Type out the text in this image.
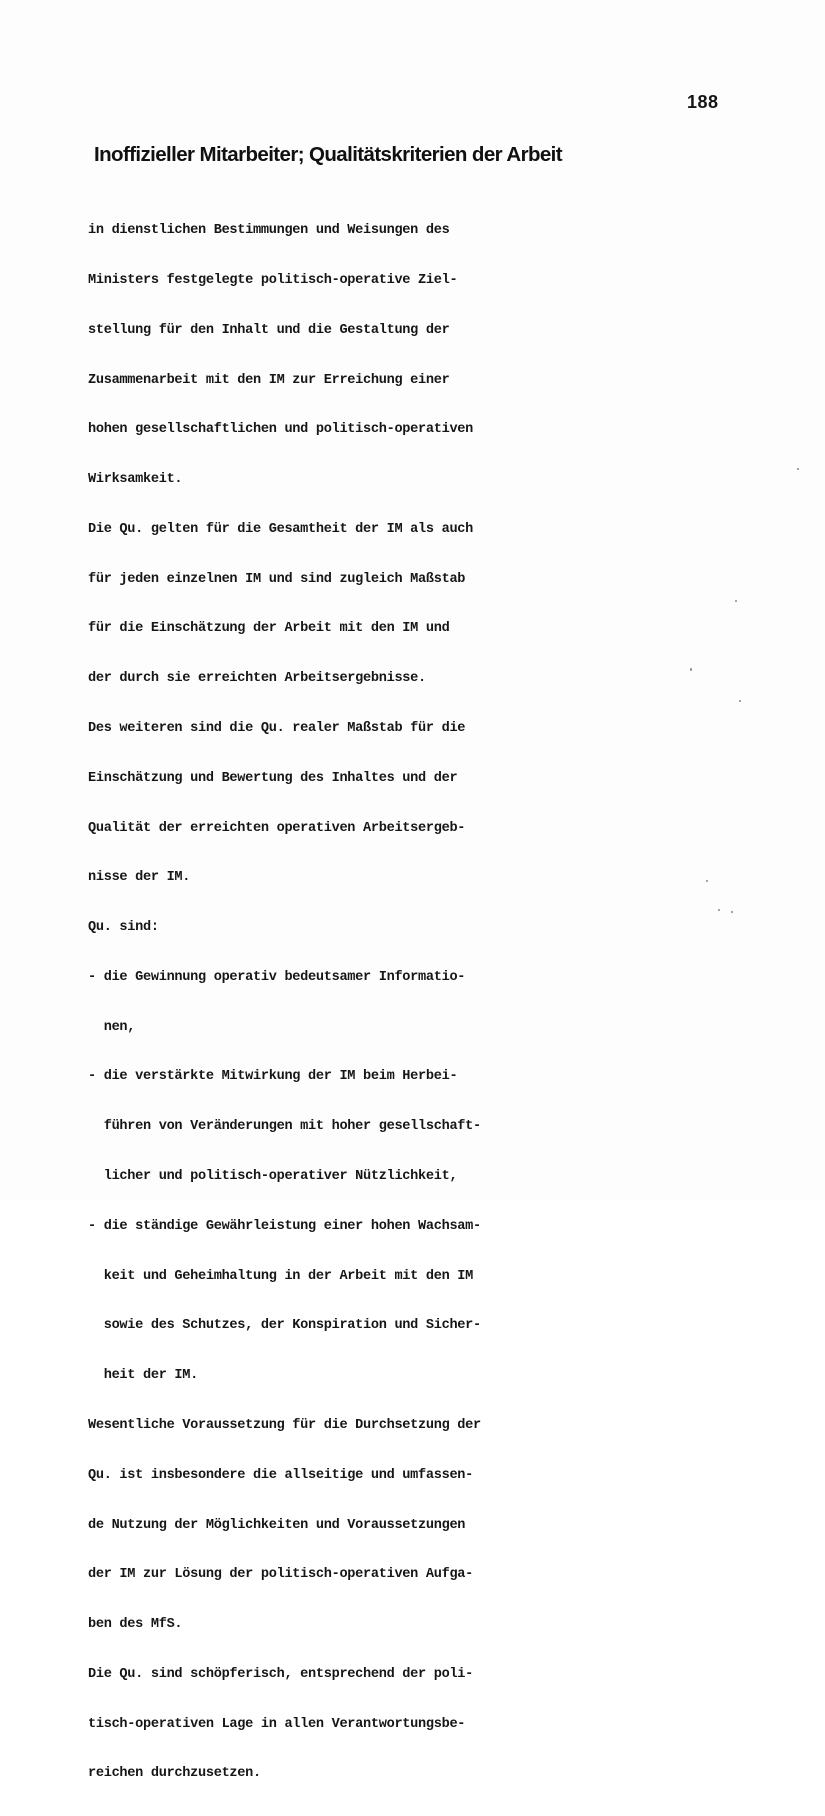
188
Inoffizieller Mitarbeiter; Qualitätskriterien der Arbeit

in dienstlichen Bestimmungen und Weisungen des

Ministers festgelegte politisch-operative Ziel-

stellung für den Inhalt und die Gestaltung der

Zusammenarbeit mit den IM zur Erreichung einer

hohen gesellschaftlichen und politisch-operativen

Wirksamkeit.

Die Qu. gelten für die Gesamtheit der IM als auch

für jeden einzelnen IM und sind zugleich Maßstab

für die Einschätzung der Arbeit mit den IM und

der durch sie erreichten Arbeitsergebnisse.

Des weiteren sind die Qu. realer Maßstab für die

Einschätzung und Bewertung des Inhaltes und der

Qualität der erreichten operativen Arbeitsergeb-

nisse der IM.

Qu. sind:

- die Gewinnung operativ bedeutsamer Informatio-

nen,

- die verstärkte Mitwirkung der IM beim Herbei-

führen von Veränderungen mit hoher gesellschaft-

licher und politisch-operativer Nützlichkeit,

- die ständige Gewährleistung einer hohen Wachsam-

keit und Geheimhaltung in der Arbeit mit den IM

sowie des Schutzes, der Konspiration und Sicher-

heit der IM.

Wesentliche Voraussetzung für die Durchsetzung der

Qu. ist insbesondere die allseitige und umfassen-

de Nutzung der Möglichkeiten und Voraussetzungen

der IM zur Lösung der politisch-operativen Aufga-

ben des MfS.

Die Qu. sind schöpferisch, entsprechend der poli-

tisch-operativen Lage in allen Verantwortungsbe-

reichen durchzusetzen.
